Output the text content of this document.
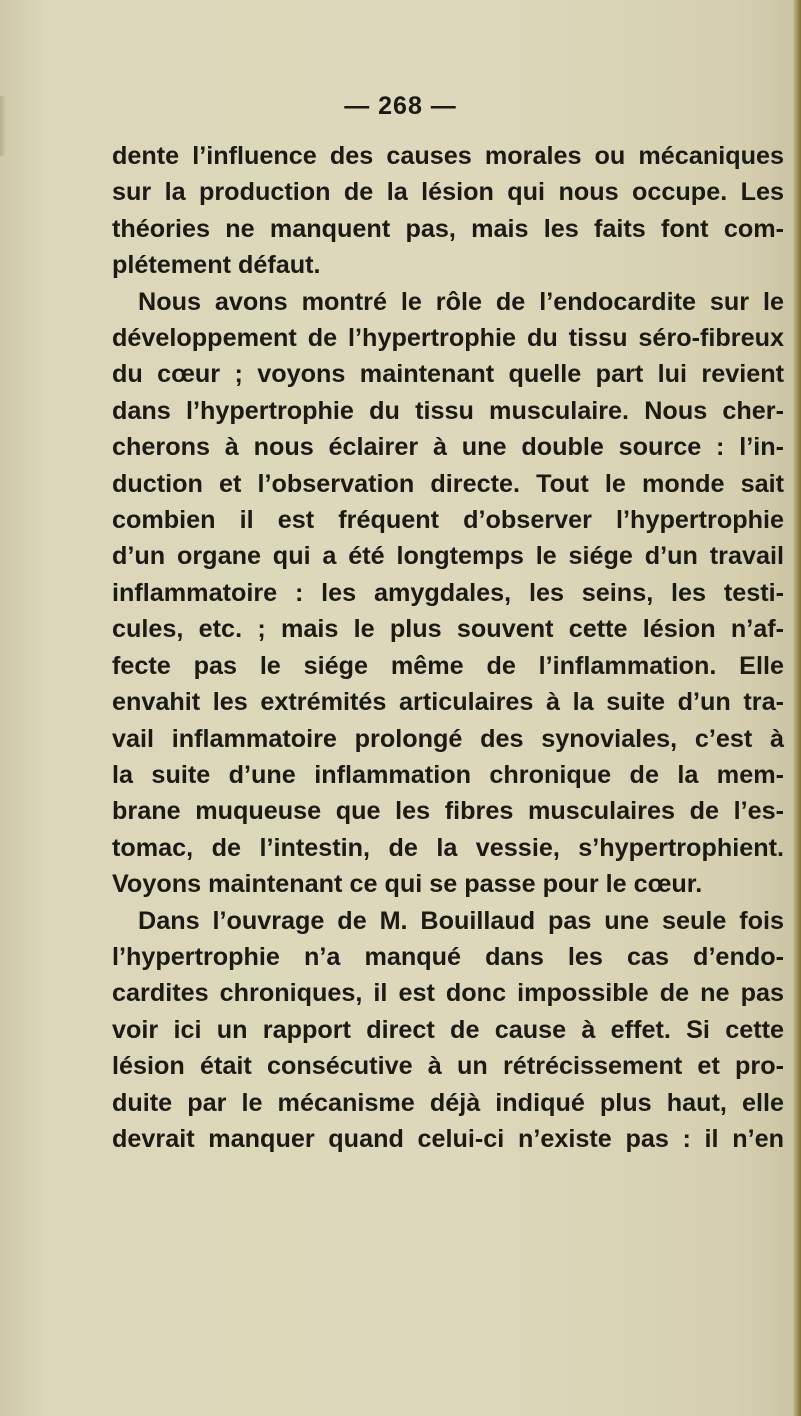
— 268 —
dente l’influence des causes morales ou mécaniques
sur la production de la lésion qui nous occupe. Les
théories ne manquent pas, mais les faits font com-
plétement défaut.
Nous avons montré le rôle de l’endocardite sur le
développement de l’hypertrophie du tissu séro-fibreux
du cœur ; voyons maintenant quelle part lui revient
dans l’hypertrophie du tissu musculaire. Nous cher-
cherons à nous éclairer à une double source : l’in-
duction et l’observation directe. Tout le monde sait
combien il est fréquent d’observer l’hypertrophie
d’un organe qui a été longtemps le siége d’un travail
inflammatoire : les amygdales, les seins, les testi-
cules, etc. ; mais le plus souvent cette lésion n’af-
fecte pas le siége même de l’inflammation. Elle
envahit les extrémités articulaires à la suite d’un tra-
vail inflammatoire prolongé des synoviales, c’est à
la suite d’une inflammation chronique de la mem-
brane muqueuse que les fibres musculaires de l’es-
tomac, de l’intestin, de la vessie, s’hypertrophient.
Voyons maintenant ce qui se passe pour le cœur.
Dans l’ouvrage de M. Bouillaud pas une seule fois
l’hypertrophie n’a manqué dans les cas d’endo-
cardites chroniques, il est donc impossible de ne pas
voir ici un rapport direct de cause à effet. Si cette
lésion était consécutive à un rétrécissement et pro-
duite par le mécanisme déjà indiqué plus haut, elle
devrait manquer quand celui-ci n’existe pas : il n’en
